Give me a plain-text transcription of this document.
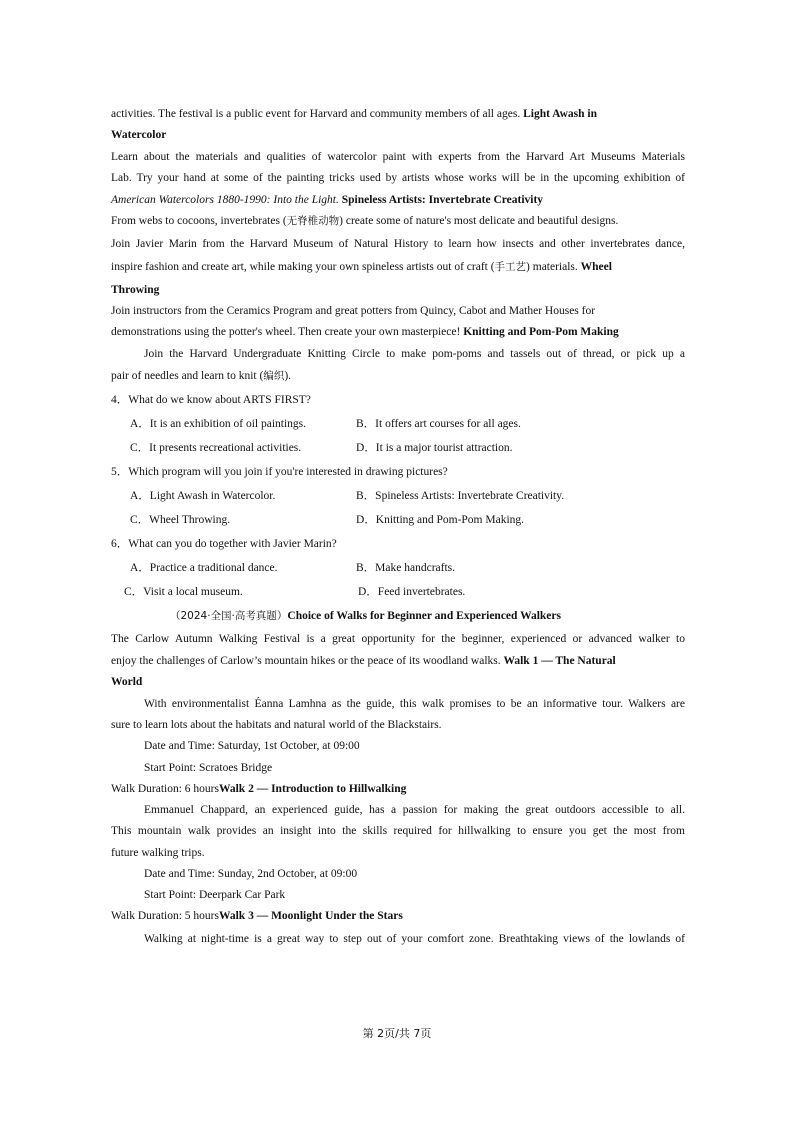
activities. The festival is a public event for Harvard and community members of all ages. Light Awash in
Watercolor
Learn about the materials and qualities of watercolor paint with experts from the Harvard Art Museums Materials
Lab. Try your hand at some of the painting tricks used by artists whose works will be in the upcoming exhibition of
American Watercolors 1880-1990: Into the Light. Spineless Artists: Invertebrate Creativity
From webs to cocoons, invertebrates (无脊椎动物) create some of nature's most delicate and beautiful designs.
Join Javier Marin from the Harvard Museum of Natural History to learn how insects and other invertebrates dance,
inspire fashion and create art, while making your own spineless artists out of craft (手工艺) materials. Wheel
Throwing
Join instructors from the Ceramics Program and great potters from Quincy, Cabot and Mather Houses for
demonstrations using the potter's wheel. Then create your own masterpiece! Knitting and Pom-Pom Making
Join the Harvard Undergraduate Knitting Circle to make pom-poms and tassels out of thread, or pick up a
pair of needles and learn to knit (编织).
4．What do we know about ARTS FIRST?
A．It is an exhibition of oil paintings.	B．It offers art courses for all ages.
C．It presents recreational activities.	D．It is a major tourist attraction.
5．Which program will you join if you're interested in drawing pictures?
A．Light Awash in Watercolor.	B．Spineless Artists: Invertebrate Creativity.
C．Wheel Throwing.	D．Knitting and Pom-Pom Making.
6．What can you do together with Javier Marin?
A．Practice a traditional dance.	B．Make handcrafts.
C．Visit a local museum.	D．Feed invertebrates.
（2024·全国·高考真题）Choice of Walks for Beginner and Experienced Walkers
The Carlow Autumn Walking Festival is a great opportunity for the beginner, experienced or advanced walker to
enjoy the challenges of Carlow’s mountain hikes or the peace of its woodland walks. Walk 1 — The Natural
World
With environmentalist Éanna Lamhna as the guide, this walk promises to be an informative tour. Walkers are
sure to learn lots about the habitats and natural world of the Blackstairs.
Date and Time: Saturday, 1st October, at 09:00
Start Point: Scratoes Bridge
Walk Duration: 6 hoursWalk 2 — Introduction to Hillwalking
Emmanuel Chappard, an experienced guide, has a passion for making the great outdoors accessible to all.
This mountain walk provides an insight into the skills required for hillwalking to ensure you get the most from
future walking trips.
Date and Time: Sunday, 2nd October, at 09:00
Start Point: Deerpark Car Park
Walk Duration: 5 hoursWalk 3 — Moonlight Under the Stars
Walking at night-time is a great way to step out of your comfort zone. Breathtaking views of the lowlands of
第 2页/共 7页
